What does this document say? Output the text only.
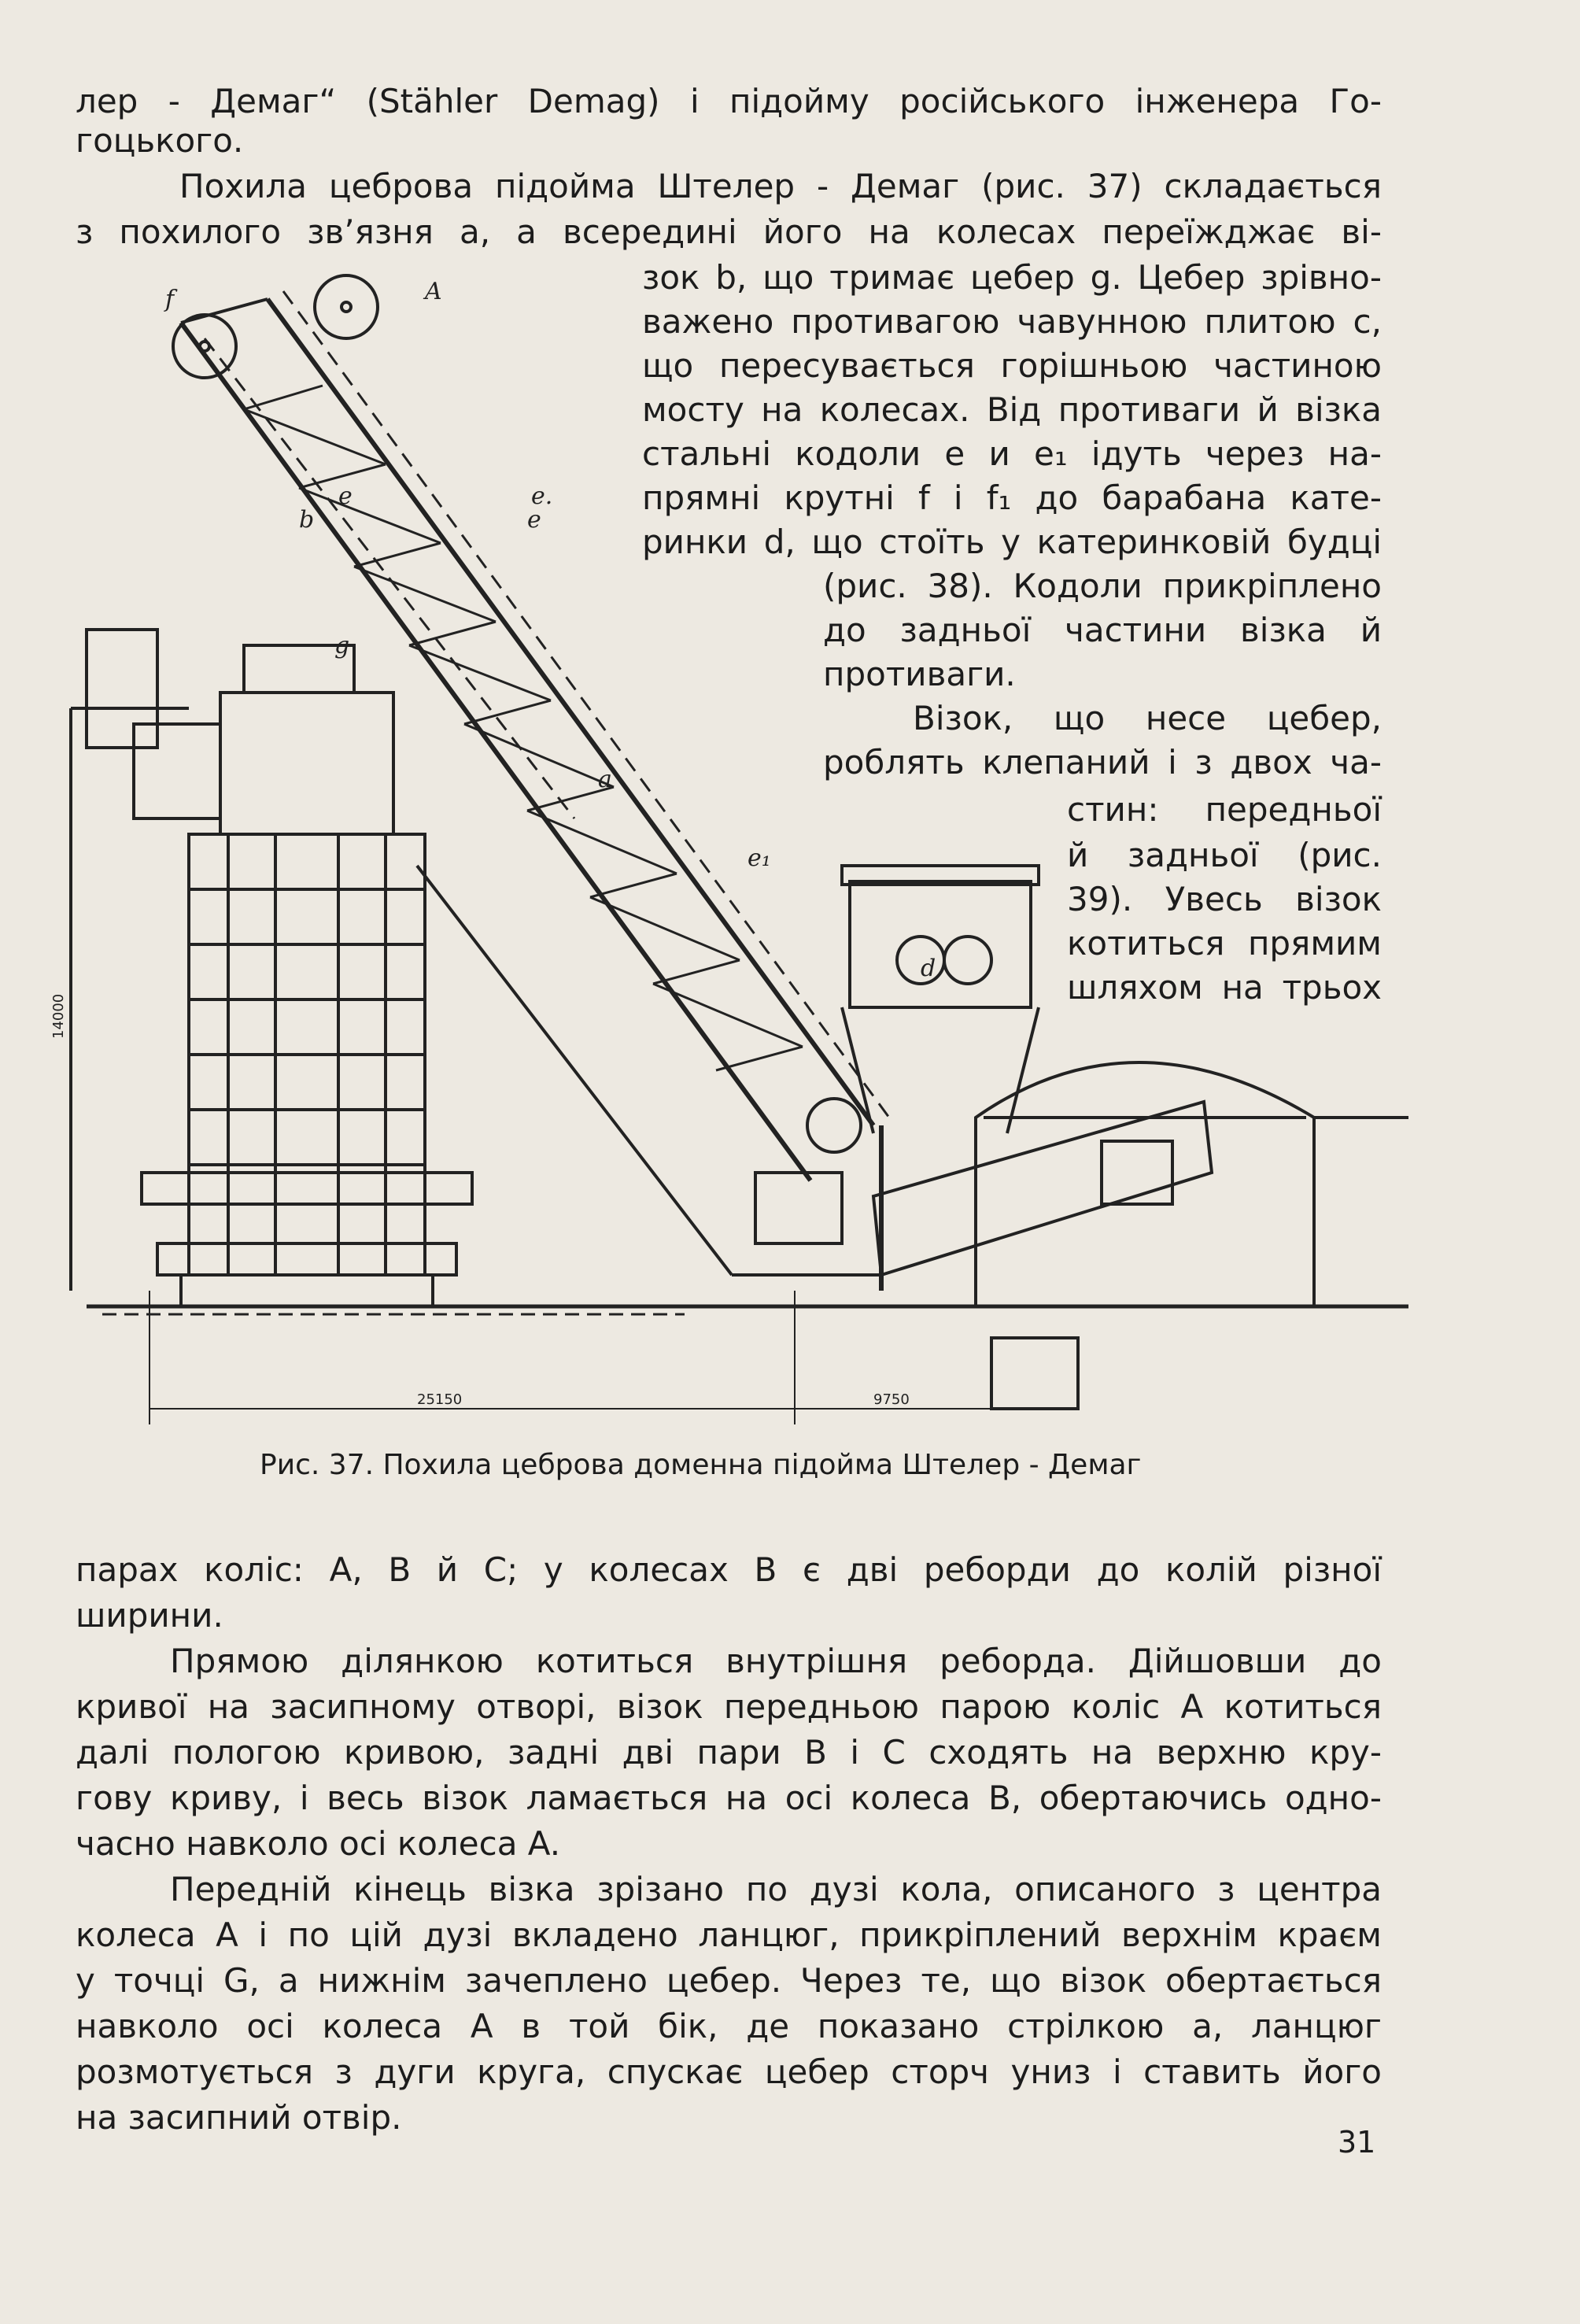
лер - Демаг“ (Stähler Demag) і підойму російського інженера Го-
гоцького.
Похила цеброва підойма Штелер - Демаг (рис. 37) складається
з похилого зв’язня a, а всередині його на колесах переїжджає ві-
зок b, що тримає цебер g. Цебер зрівно-
важено противагою чавунною плитою c,
що пересувається горішньою частиною
мосту на колесах. Від противаги й візка
стальні кодоли e и e₁ ідуть через на-
прямні крутні f і f₁ до барабана кате-
ринки d, що стоїть у катеринковій будці
(рис. 38). Кодоли прикріплено
до задньої частини візка й
противаги.
Візок, що несе цебер,
роблять клепаний і з двох ча-
стин: передньої
й задньої (рис.
39). Увесь візок
котиться прямим
шляхом на трьох
f	A
e	e.
e
b
g
a
e₁
d
14000
25150	9750
Рис. 37. Похила цеброва доменна підойма Штелер - Демаг
парах коліс: A, B й C; у колесах B є дві реборди до колій різної
ширини.
Прямою ділянкою котиться внутрішня реборда. Дійшовши до
кривої на засипному отворі, візок передньою парою коліс A котиться
далі пологою кривою, задні дві пари B і C сходять на верхню кру-
гову криву, і весь візок ламається на осі колеса B, обертаючись одно-
часно навколо осі колеса A.
Передній кінець візка зрізано по дузі кола, описаного з центра
колеса A і по цій дузі вкладено ланцюг, прикріплений верхнім краєм
у точці G, а нижнім зачеплено цебер. Через те, що візок обертається
навколо осі колеса A в той бік, де показано стрілкою a, ланцюг
розмотується з дуги круга, спускає цебер сторч униз і ставить його
на засипний отвір.
31
